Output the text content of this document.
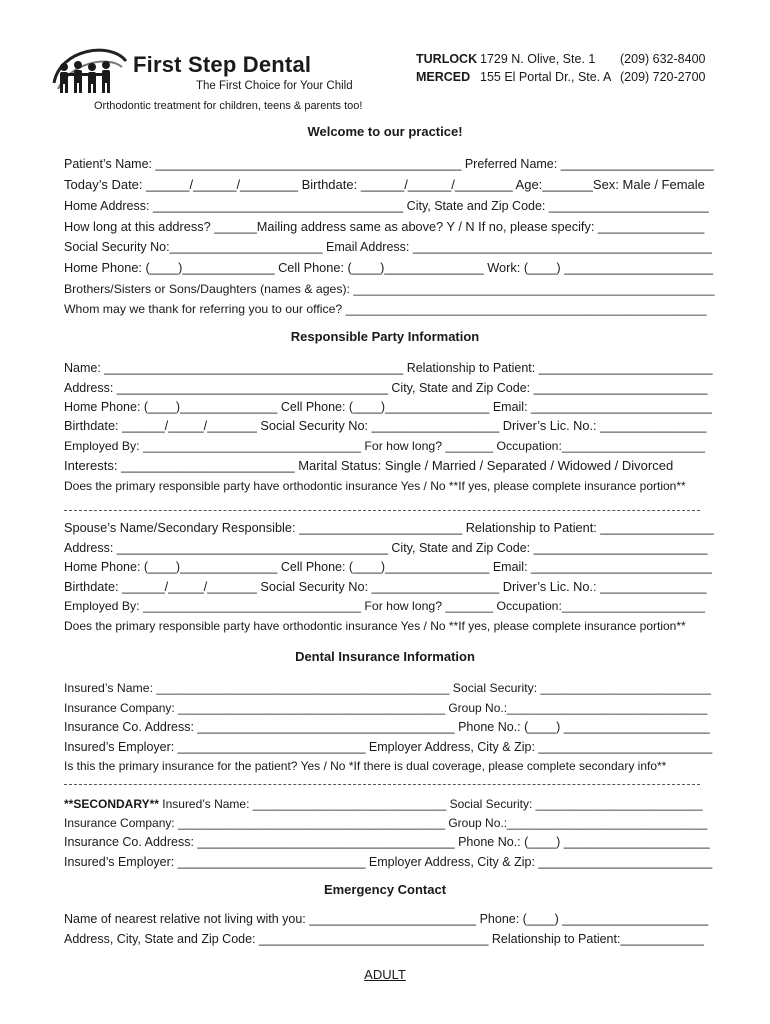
First Step Dental
The First Choice for Your Child
Orthodontic treatment for children, teens & parents too!
TURLOCK 1729 N. Olive, Ste. 1 (209) 632-8400
MERCED 155 El Portal Dr., Ste. A (209) 720-2700
Welcome to our practice!
Patient’s Name: ____________________________________________ Preferred Name: ______________________
Today’s Date: ______/______/________ Birthdate: ______/______/________ Age:_______Sex: Male / Female
Home Address: ____________________________________ City, State and Zip Code: _______________________
How long at this address? ______Mailing address same as above? Y / N If no, please specify: _______________
Social Security No:______________________ Email Address: ___________________________________________
Home Phone: (____)_____________ Cell Phone: (____)______________ Work: (____) _____________________
Brothers/Sisters or Sons/Daughters (names & ages): _____________________________________________________
Whom may we thank for referring you to our office? _____________________________________________________
Responsible Party Information
Name: ___________________________________________ Relationship to Patient: _________________________
Address: _______________________________________ City, State and Zip Code: _________________________
Home Phone: (____)______________ Cell Phone: (____)_______________ Email: __________________________
Birthdate: ______/_____/_______ Social Security No: __________________ Driver’s Lic. No.: _______________
Employed By: ________________________________ For how long? _______ Occupation:_____________________
Interests: ________________________ Marital Status: Single / Married / Separated / Widowed / Divorced
Does the primary responsible party have orthodontic insurance Yes / No **If yes, please complete insurance portion**
Spouse’s Name/Secondary Responsible: _______________________ Relationship to Patient: ________________
Address: _______________________________________ City, State and Zip Code: _________________________
Home Phone: (____)______________ Cell Phone: (____)_______________ Email: __________________________
Birthdate: ______/_____/_______ Social Security No: __________________ Driver’s Lic. No.: _______________
Employed By: ________________________________ For how long? _______ Occupation:_____________________
Does the primary responsible party have orthodontic insurance Yes / No **If yes, please complete insurance portion**
Dental Insurance Information
Insured’s Name: ___________________________________________ Social Security: _________________________
Insurance Company: ________________________________________ Group No.:______________________________
Insurance Co. Address: _____________________________________ Phone No.: (____) _____________________
Insured’s Employer: ___________________________ Employer Address, City & Zip: _________________________
Is this the primary insurance for the patient? Yes / No *If there is dual coverage, please complete secondary info**
**SECONDARY** Insured’s Name: _____________________________ Social Security: _________________________
Insurance Company: ________________________________________ Group No.:______________________________
Insurance Co. Address: _____________________________________ Phone No.: (____) _____________________
Insured’s Employer: ___________________________ Employer Address, City & Zip: _________________________
Emergency Contact
Name of nearest relative not living with you: ________________________ Phone: (____) _____________________
Address, City, State and Zip Code: _________________________________ Relationship to Patient:____________
ADULT
